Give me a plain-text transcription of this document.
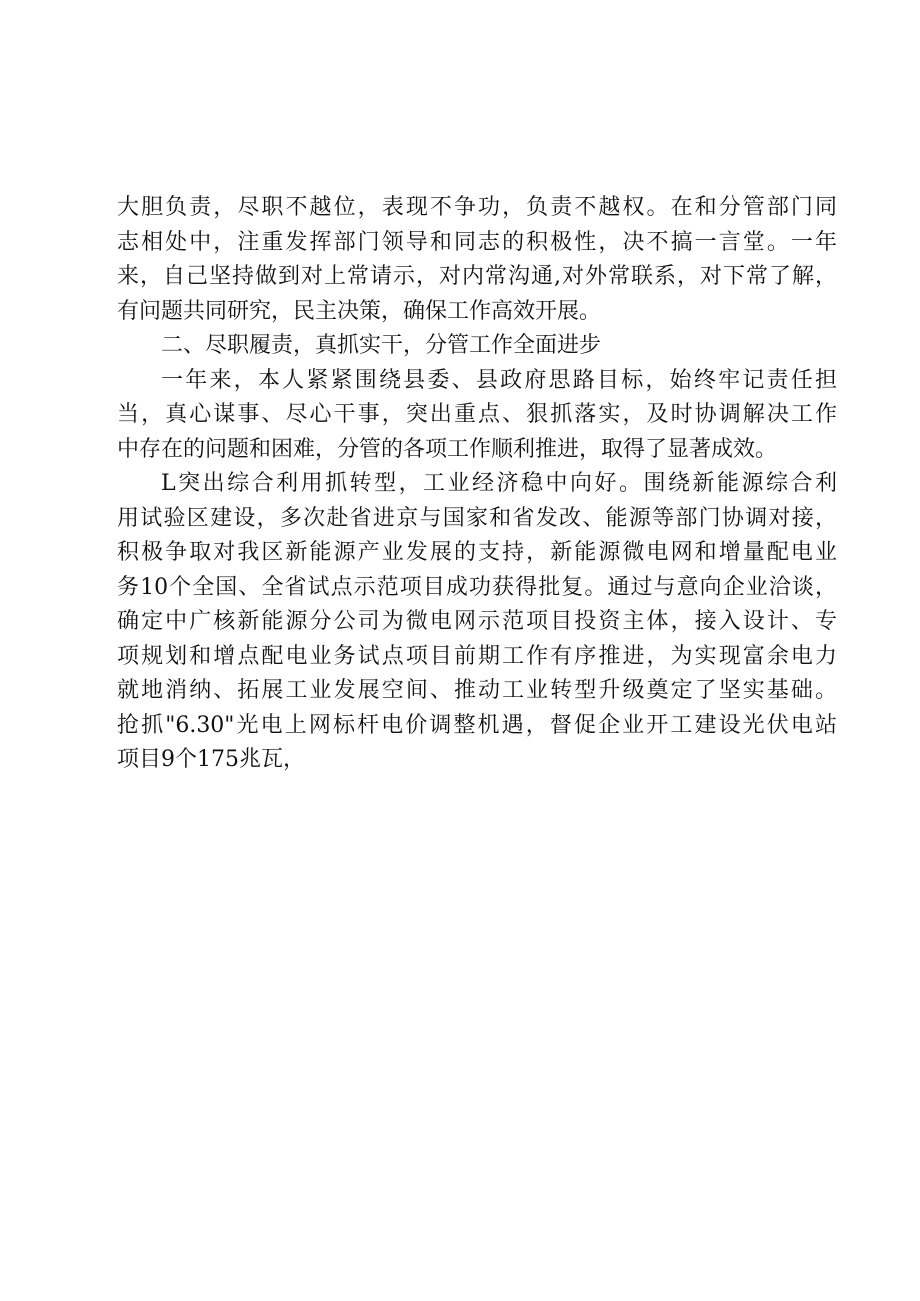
大胆负责，尽职不越位，表现不争功，负责不越权。在和分管部门同
志相处中，注重发挥部门领导和同志的积极性，决不搞一言堂。一年
来，自己坚持做到对上常请示，对内常沟通,对外常联系，对下常了解，
有问题共同研究，民主决策，确保工作高效开展。
二、尽职履责，真抓实干，分管工作全面进步
一年来，本人紧紧围绕县委、县政府思路目标，始终牢记责任担
当，真心谋事、尽心干事，突出重点、狠抓落实，及时协调解决工作
中存在的问题和困难，分管的各项工作顺利推进，取得了显著成效。
L突出综合利用抓转型，工业经济稳中向好。围绕新能源综合利
用试验区建设，多次赴省进京与国家和省发改、能源等部门协调对接，
积极争取对我区新能源产业发展的支持，新能源微电网和增量配电业
务10个全国、全省试点示范项目成功获得批复。通过与意向企业洽谈，
确定中广核新能源分公司为微电网示范项目投资主体，接入设计、专
项规划和增点配电业务试点项目前期工作有序推进，为实现富余电力
就地消纳、拓展工业发展空间、推动工业转型升级奠定了坚实基础。
抢抓"6.30"光电上网标杆电价调整机遇，督促企业开工建设光伏电站
项目9个175兆瓦，
